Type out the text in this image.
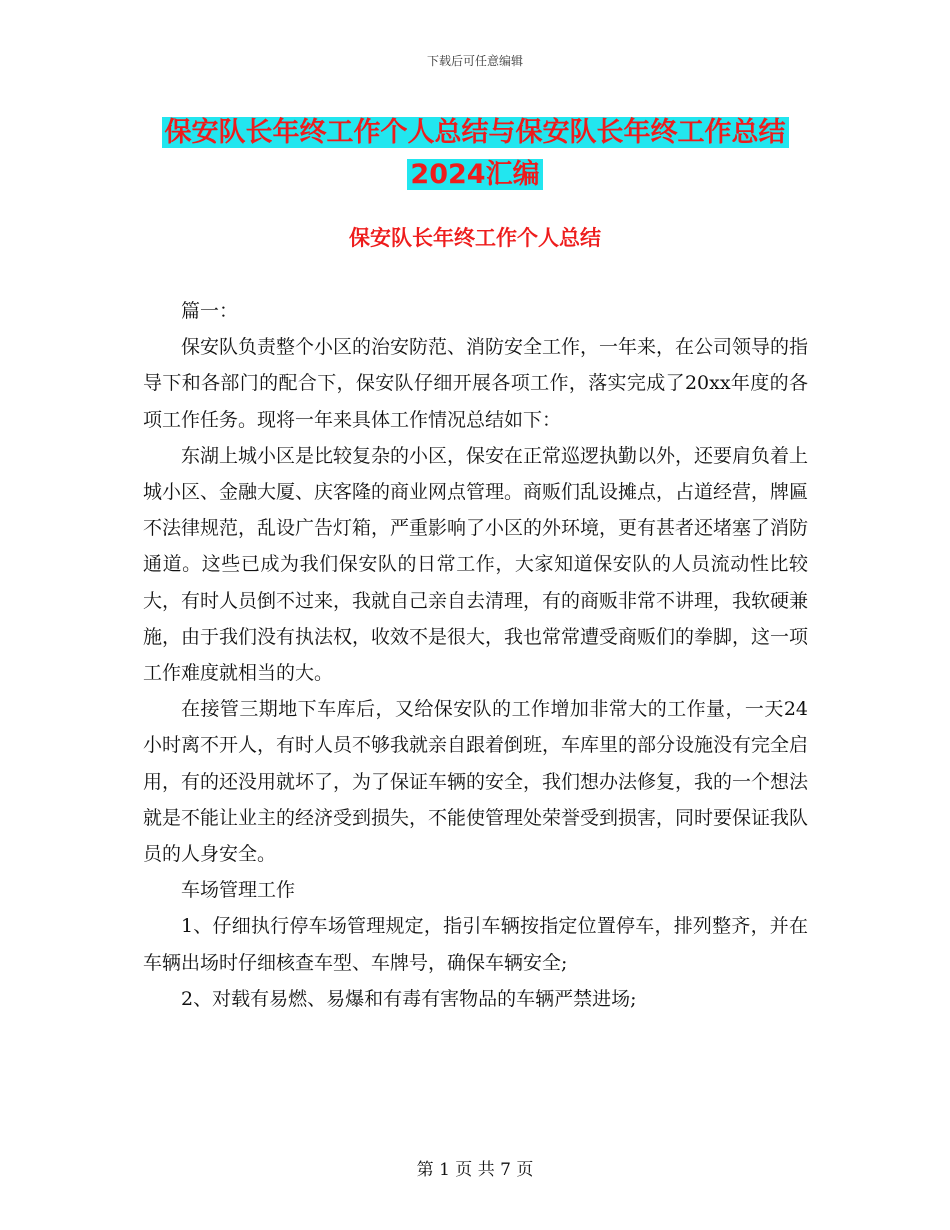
下载后可任意编辑
保安队长年终工作个人总结与保安队长年终工作总结
2024汇编
保安队长年终工作个人总结

篇一：

保安队负责整个小区的治安防范、消防安全工作，一年来，在公司领导的指导下和各部门的配合下，保安队仔细开展各项工作，落实完成了20xx年度的各项工作任务。现将一年来具体工作情况总结如下：

东湖上城小区是比较复杂的小区，保安在正常巡逻执勤以外，还要肩负着上城小区、金融大厦、庆客隆的商业网点管理。商贩们乱设摊点，占道经营，牌匾不法律规范，乱设广告灯箱，严重影响了小区的外环境，更有甚者还堵塞了消防通道。这些已成为我们保安队的日常工作，大家知道保安队的人员流动性比较大，有时人员倒不过来，我就自己亲自去清理，有的商贩非常不讲理，我软硬兼施，由于我们没有执法权，收效不是很大，我也常常遭受商贩们的拳脚，这一项工作难度就相当的大。

在接管三期地下车库后，又给保安队的工作增加非常大的工作量，一天24小时离不开人，有时人员不够我就亲自跟着倒班，车库里的部分设施没有完全启用，有的还没用就坏了，为了保证车辆的安全，我们想办法修复，我的一个想法就是不能让业主的经济受到损失，不能使管理处荣誉受到损害，同时要保证我队员的人身安全。

车场管理工作

1、仔细执行停车场管理规定，指引车辆按指定位置停车，排列整齐，并在车辆出场时仔细核查车型、车牌号，确保车辆安全;

2、对载有易燃、易爆和有毒有害物品的车辆严禁进场;

第 1 页 共 7 页
